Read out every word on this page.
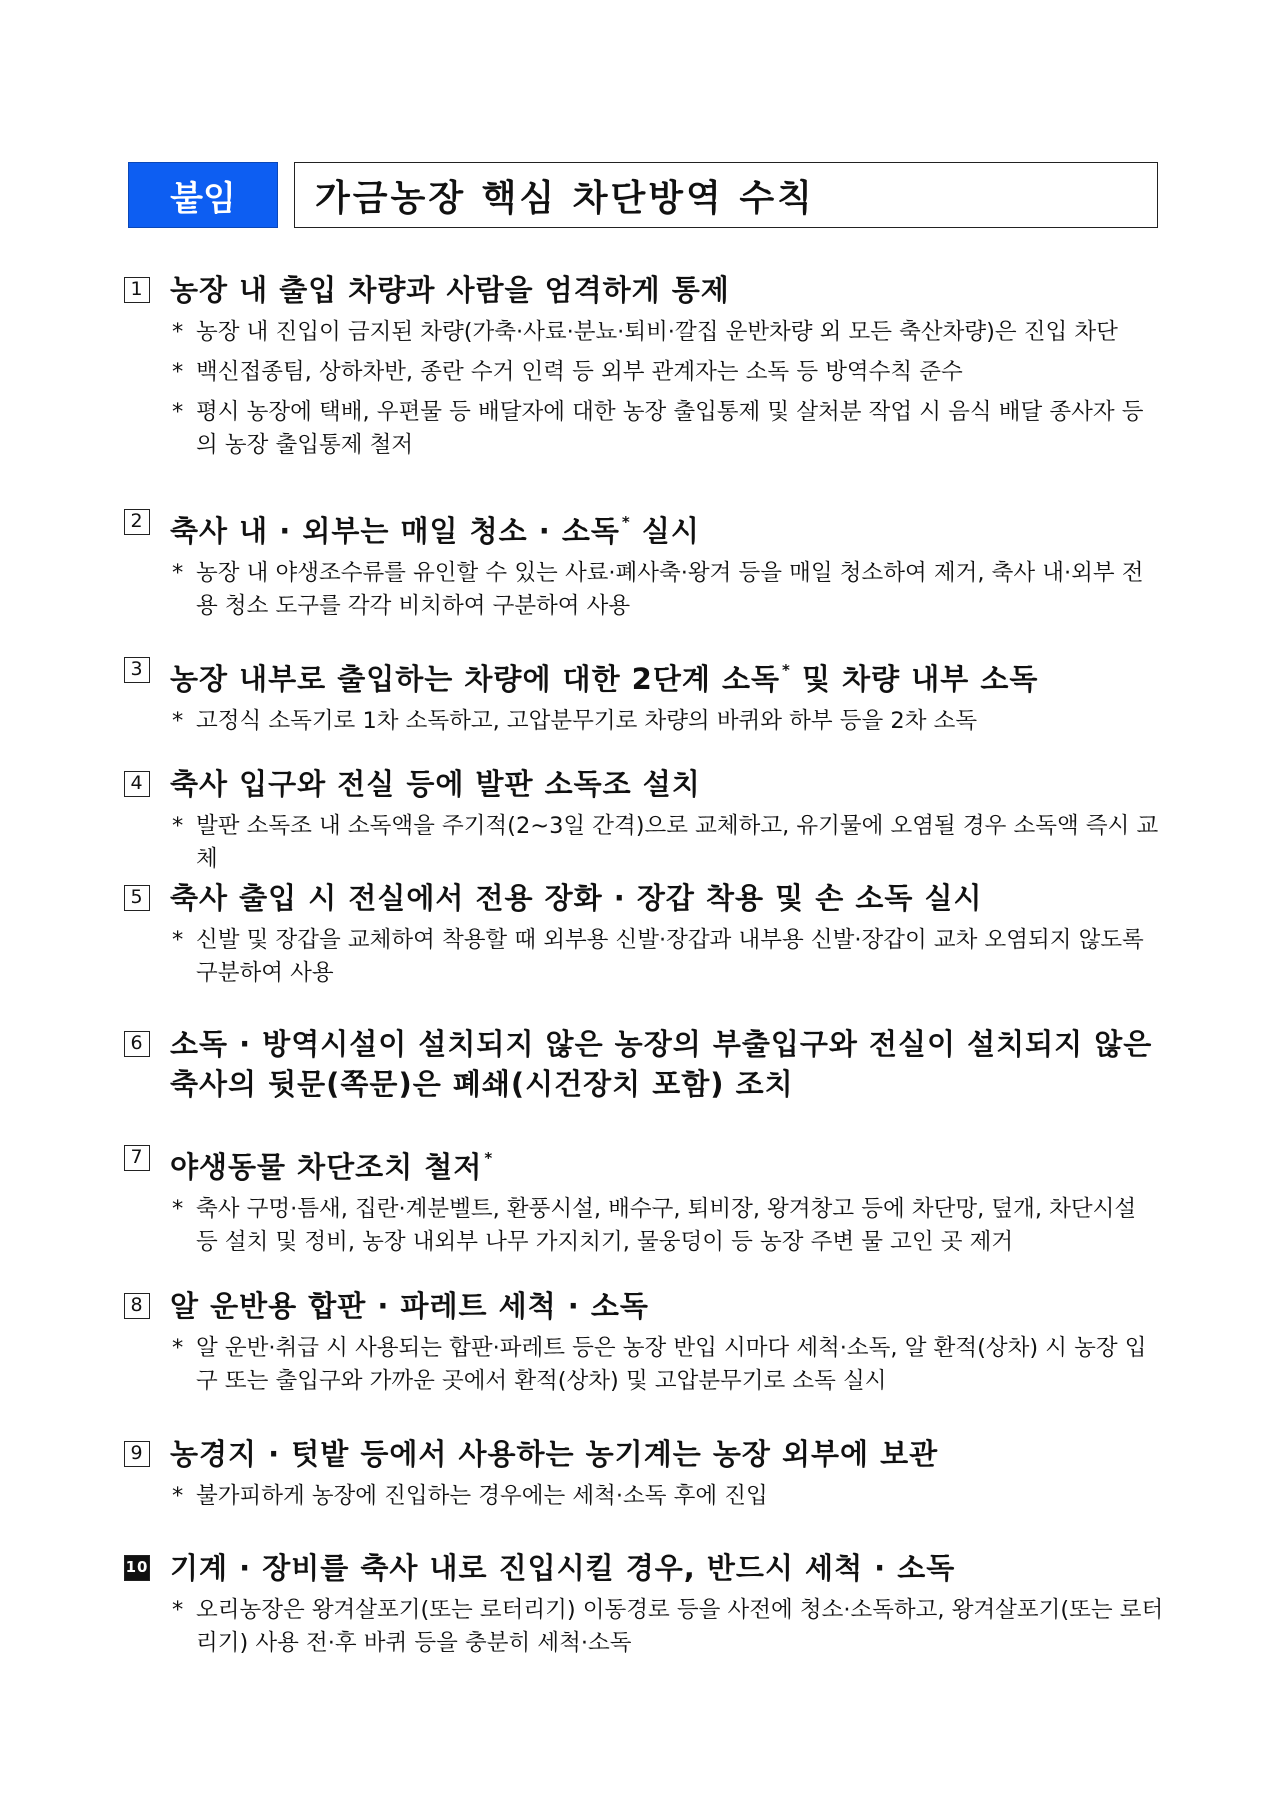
붙임	가금농장 핵심 차단방역 수칙
1 농장 내 출입 차량과 사람을 엄격하게 통제
* 농장 내 진입이 금지된 차량(가축·사료·분뇨·퇴비·깔집 운반차량 외 모든 축산차량)은 진입 차단
* 백신접종팀, 상하차반, 종란 수거 인력 등 외부 관계자는 소독 등 방역수칙 준수
* 평시 농장에 택배, 우편물 등 배달자에 대한 농장 출입통제 및 살처분 작업 시 음식 배달 종사자 등의 농장 출입통제 철저
2 축사 내 · 외부는 매일 청소 · 소독 * 실시
* 농장 내 야생조수류를 유인할 수 있는 사료·폐사축·왕겨 등을 매일 청소하여 제거, 축사 내·외부 전용 청소 도구를 각각 비치하여 구분하여 사용
3 농장 내부로 출입하는 차량에 대한 2단계 소독 * 및 차량 내부 소독
* 고정식 소독기로 1차 소독하고, 고압분무기로 차량의 바퀴와 하부 등을 2차 소독
4 축사 입구와 전실 등에 발판 소독조 설치
* 발판 소독조 내 소독액을 주기적(2~3일 간격)으로 교체하고, 유기물에 오염될 경우 소독액 즉시 교체
5 축사 출입 시 전실에서 전용 장화 · 장갑 착용 및 손 소독 실시
* 신발 및 장갑을 교체하여 착용할 때 외부용 신발·장갑과 내부용 신발·장갑이 교차 오염되지 않도록 구분하여 사용
6 소독 · 방역시설이 설치되지 않은 농장의 부출입구와 전실이 설치되지 않은 축사의 뒷문(쪽문)은 폐쇄(시건장치 포함) 조치
7 야생동물 차단조치 철저 *
* 축사 구멍·틈새, 집란·계분벨트, 환풍시설, 배수구, 퇴비장, 왕겨창고 등에 차단망, 덮개, 차단시설 등 설치 및 정비, 농장 내외부 나무 가지치기, 물웅덩이 등 농장 주변 물 고인 곳 제거
8 알 운반용 합판 · 파레트 세척 · 소독
* 알 운반·취급 시 사용되는 합판·파레트 등은 농장 반입 시마다 세척·소독, 알 환적(상차) 시 농장 입구 또는 출입구와 가까운 곳에서 환적(상차) 및 고압분무기로 소독 실시
9 농경지 · 텃밭 등에서 사용하는 농기계는 농장 외부에 보관
* 불가피하게 농장에 진입하는 경우에는 세척·소독 후에 진입
10 기계 · 장비를 축사 내로 진입시킬 경우, 반드시 세척 · 소독
* 오리농장은 왕겨살포기(또는 로터리기) 이동경로 등을 사전에 청소·소독하고, 왕겨살포기(또는 로터리기) 사용 전·후 바퀴 등을 충분히 세척·소독
